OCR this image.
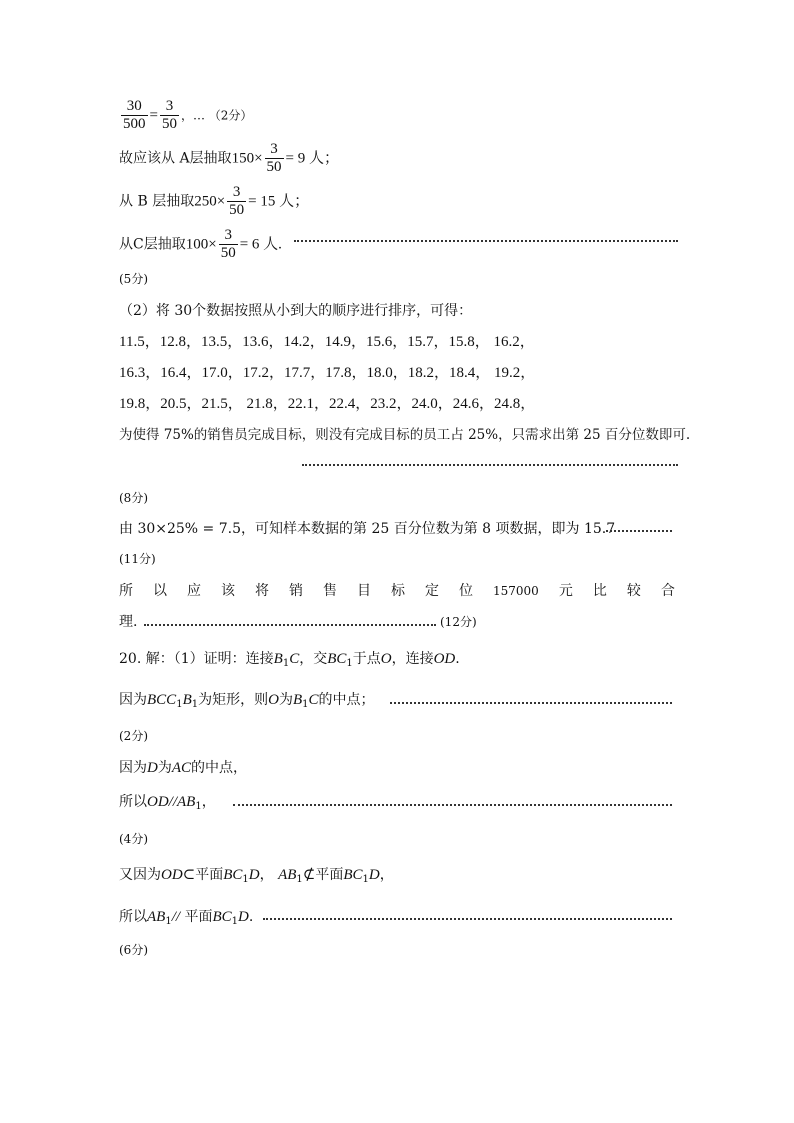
$\frac{30}{500} = \frac{3}{50}$ ，… （2分）
故应该从 A层抽取$150\times \frac{3}{50} = 9$ 人；
从 B 层抽取$250\times \frac{3}{50} = 15$ 人；
从C层抽取$100\times \frac{3}{50} = 6$ 人.
(5分)
（2）将 30个数据按照从小到大的顺序进行排序，可得：
11.5，12.8，13.5，13.6，14.2，14.9，15.6，15.7，15.8， 16.2，
16.3，16.4，17.0，17.2，17.7，17.8，18.0，18.2，18.4， 19.2，
19.8，20.5，21.5， 21.8，22.1，22.4，23.2，24.0，24.6，24.8，
为使得 75%的销售员完成目标，则没有完成目标的员工占 25%，只需求出第 25 百分位数即可.
(8分)
由 30×25% = 7.5，可知样本数据的第 25 百分位数为第 8 项数据，即为 15.7
(11分)
所 以 应 该 将 销 售 目 标 定 位 157000 元 比 较 合
理.	(12分)
20. 解：（1）证明：连接$B_1C$，交$BC_1$于点O，连接OD.
因为$BCC_1B_1$为矩形，则O为$B_1C$的中点；
(2分)
因为D为AC的中点，
所以$OD//AB_1$，
(4分)
又因为OD⊂平面$BC_1D$， $AB_1⊄$平面$BC_1D$，
所以$AB_1//$ 平面$BC_1D$.
(6分)
